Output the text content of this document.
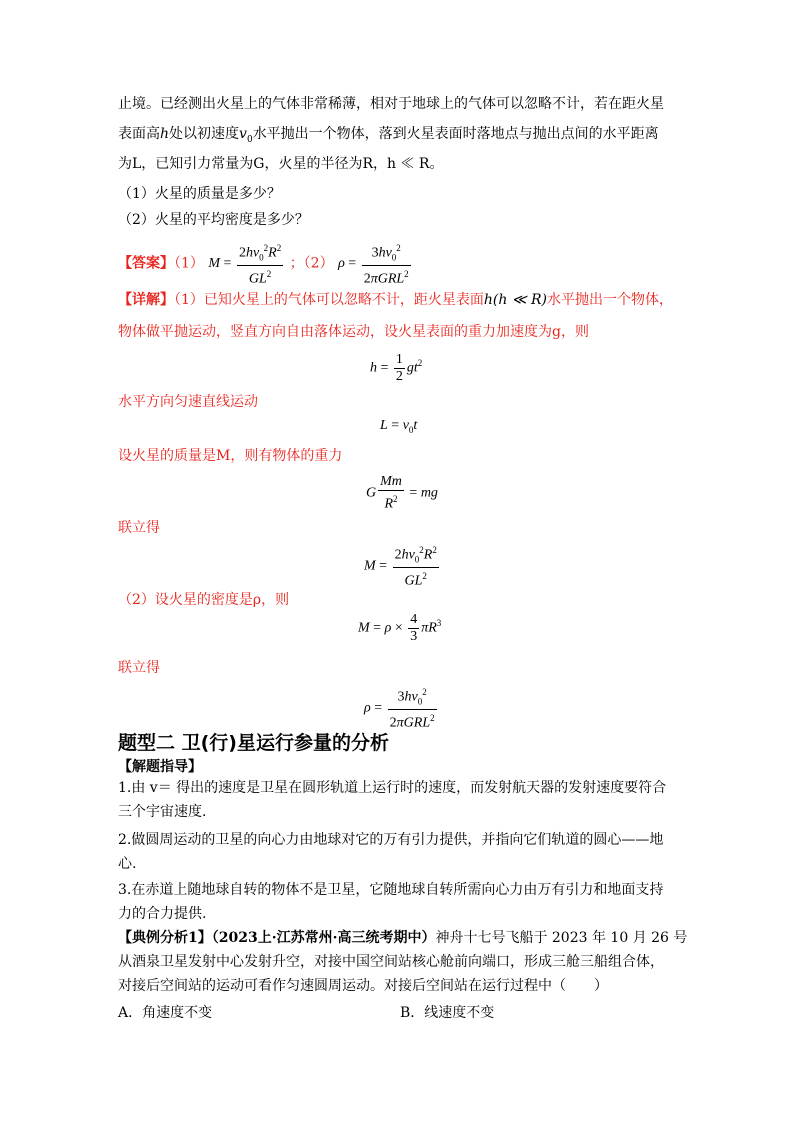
止境。已经测出火星上的气体非常稀薄，相对于地球上的气体可以忽略不计，若在距火星
表面高h处以初速度$v_0$水平抛出一个物体，落到火星表面时落地点与抛出点间的水平距离
为L，已知引力常量为G，火星的半径为R，h ≪ R。
（1）火星的质量是多少？
（2）火星的平均密度是多少？
【答案】（1） $M = \frac{2hv_0^2R^2}{GL^2}$ ；（2） $\rho = \frac{3hv_0^2}{2\pi GRL^2}$
【详解】（1）已知火星上的气体可以忽略不计，距火星表面h(h ≪ R)水平抛出一个物体，
物体做平抛运动，竖直方向自由落体运动，设火星表面的重力加速度为g，则
$h = \frac{1}{2} gt^2$
水平方向匀速直线运动
$L = v_0t$
设火星的质量是M，则有物体的重力
G $\frac{Mm}{R^2}$ = mg
联立得
$M = \frac{2hv_0^2R^2}{GL^2}$
（2）设火星的密度是ρ，则
$M = \rho \times \frac{4}{3} \pi R^3$
联立得
$\rho = \frac{3hv_0^2}{2\pi GRL^2}$
题型二 卫(行)星运行参量的分析
【解题指导】
1.由 v＝ 得出的速度是卫星在圆形轨道上运行时的速度，而发射航天器的发射速度要符合
三个宇宙速度.
2.做圆周运动的卫星的向心力由地球对它的万有引力提供，并指向它们轨道的圆心——地
心.
3.在赤道上随地球自转的物体不是卫星，它随地球自转所需向心力由万有引力和地面支持
力的合力提供.
【典例分析1】（2023上·江苏常州·高三统考期中）神舟十七号飞船于 2023 年 10 月 26 号
从酒泉卫星发射中心发射升空，对接中国空间站核心舱前向端口，形成三舱三船组合体，
对接后空间站的运动可看作匀速圆周运动。对接后空间站在运行过程中（　　）
A．角速度不变	B．线速度不变
